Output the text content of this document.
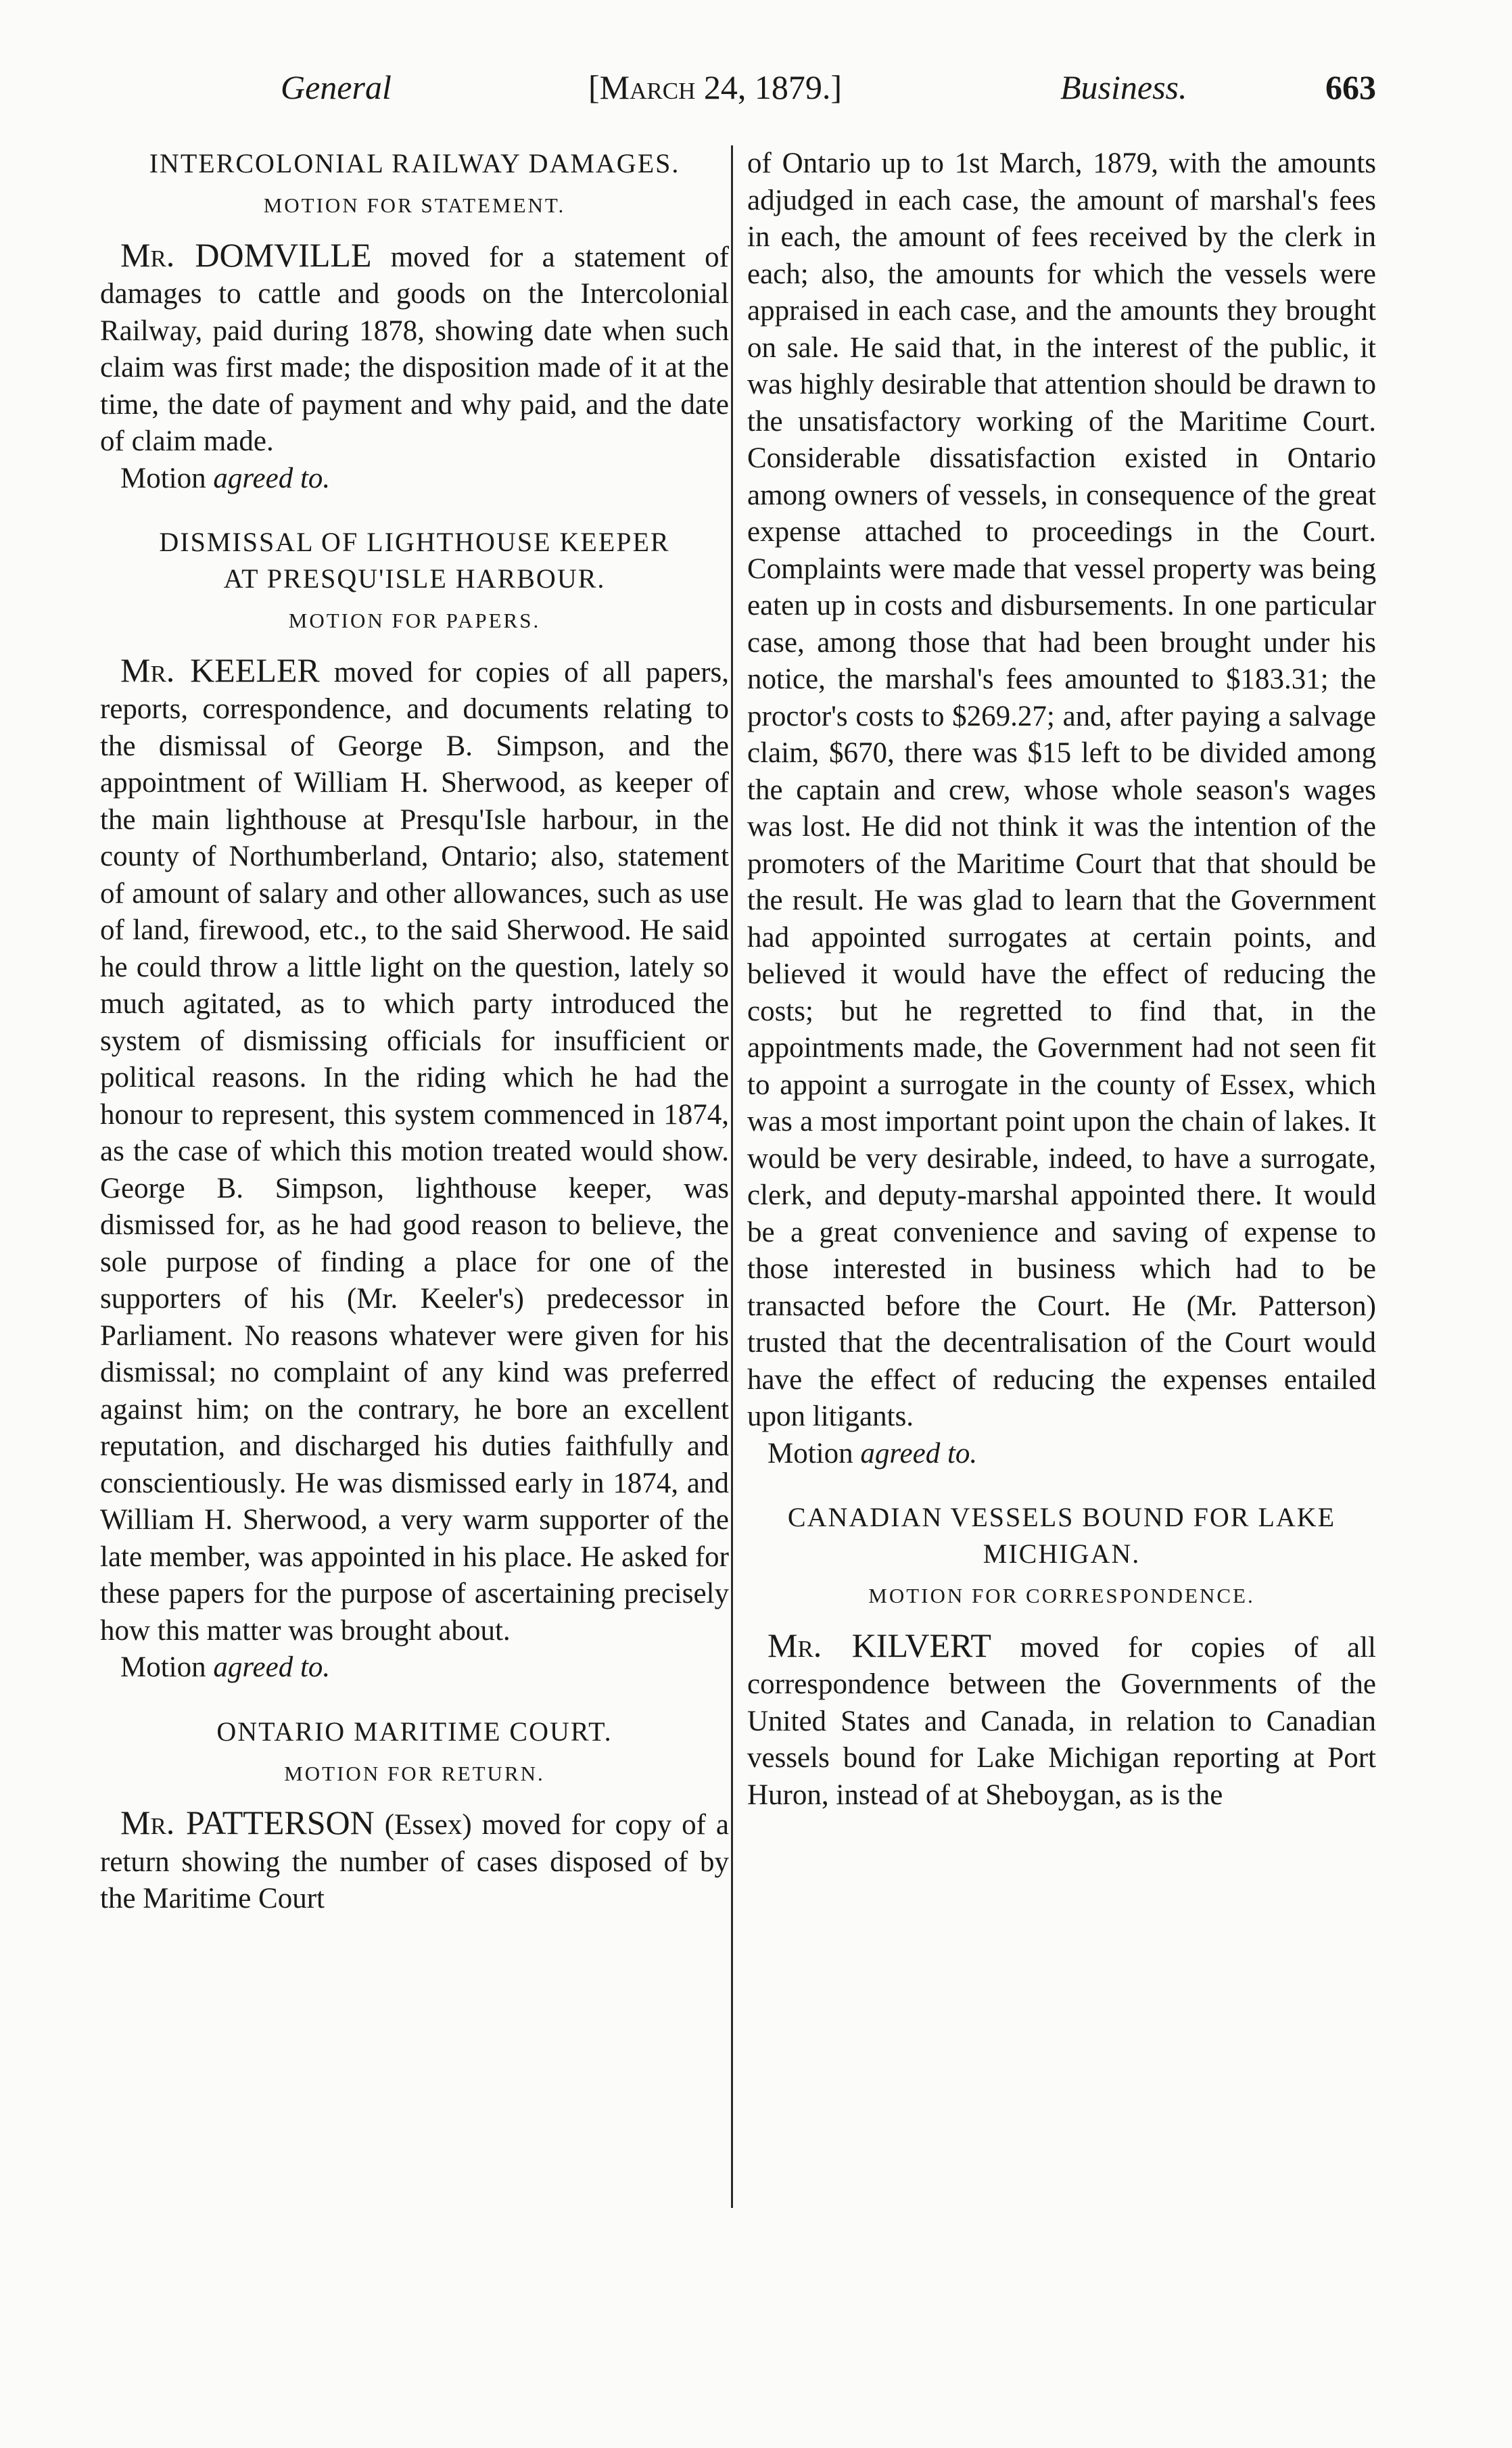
General	[March 24, 1879.]	Business.	663
INTERCOLONIAL RAILWAY DAMAGES.
MOTION FOR STATEMENT.

Mr. DOMVILLE moved for a statement of damages to cattle and goods on the Intercolonial Railway, paid during 1878, showing date when such claim was first made; the disposition made of it at the time, the date of payment and why paid, and the date of claim made.

Motion agreed to.

DISMISSAL OF LIGHTHOUSE KEEPER
AT PRESQU'ISLE HARBOUR.
MOTION FOR PAPERS.

Mr. KEELER moved for copies of all papers, reports, correspondence, and documents relating to the dismissal of George B. Simpson, and the appointment of William H. Sherwood, as keeper of the main lighthouse at Presqu'Isle harbour, in the county of Northumberland, Ontario; also, statement of amount of salary and other allowances, such as use of land, firewood, etc., to the said Sherwood. He said he could throw a little light on the question, lately so much agitated, as to which party introduced the system of dismissing officials for insufficient or political reasons. In the riding which he had the honour to represent, this system commenced in 1874, as the case of which this motion treated would show. George B. Simpson, lighthouse keeper, was dismissed for, as he had good reason to believe, the sole purpose of finding a place for one of the supporters of his (Mr. Keeler's) predecessor in Parliament. No reasons whatever were given for his dismissal; no complaint of any kind was preferred against him; on the contrary, he bore an excellent reputation, and discharged his duties faithfully and conscientiously. He was dismissed early in 1874, and William H. Sherwood, a very warm supporter of the late member, was appointed in his place. He asked for these papers for the purpose of ascertaining precisely how this matter was brought about.

Motion agreed to.

ONTARIO MARITIME COURT.
MOTION FOR RETURN.

Mr. PATTERSON (Essex) moved for copy of a return showing the number of cases disposed of by the Maritime Court

of Ontario up to 1st March, 1879, with the amounts adjudged in each case, the amount of marshal's fees in each, the amount of fees received by the clerk in each; also, the amounts for which the vessels were appraised in each case, and the amounts they brought on sale. He said that, in the interest of the public, it was highly desirable that attention should be drawn to the unsatisfactory working of the Maritime Court. Considerable dissatisfaction existed in Ontario among owners of vessels, in consequence of the great expense attached to proceedings in the Court. Complaints were made that vessel property was being eaten up in costs and disbursements. In one particular case, among those that had been brought under his notice, the marshal's fees amounted to $183.31; the proctor's costs to $269.27; and, after paying a salvage claim, $670, there was $15 left to be divided among the captain and crew, whose whole season's wages was lost. He did not think it was the intention of the promoters of the Maritime Court that that should be the result. He was glad to learn that the Government had appointed surrogates at certain points, and believed it would have the effect of reducing the costs; but he regretted to find that, in the appointments made, the Government had not seen fit to appoint a surrogate in the county of Essex, which was a most important point upon the chain of lakes. It would be very desirable, indeed, to have a surrogate, clerk, and deputy-marshal appointed there. It would be a great convenience and saving of expense to those interested in business which had to be transacted before the Court. He (Mr. Patterson) trusted that the decentralisation of the Court would have the effect of reducing the expenses entailed upon litigants.

Motion agreed to.

CANADIAN VESSELS BOUND FOR LAKE
MICHIGAN.
MOTION FOR CORRESPONDENCE.

Mr. KILVERT moved for copies of all correspondence between the Governments of the United States and Canada, in relation to Canadian vessels bound for Lake Michigan reporting at Port Huron, instead of at Sheboygan, as is the
